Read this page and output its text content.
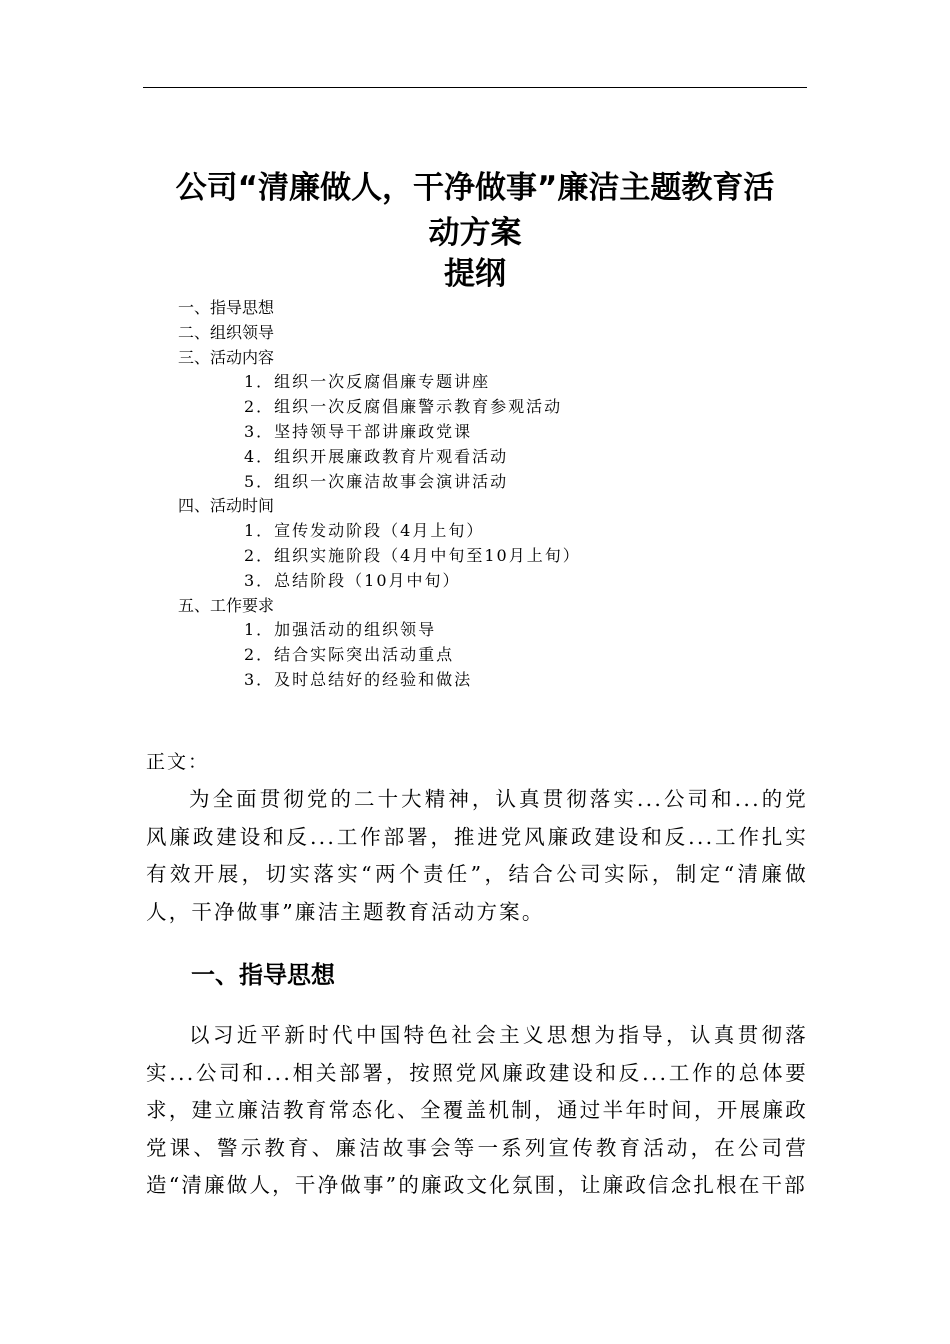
公司“清廉做人，干净做事”廉洁主题教育活
动方案
提纲
一、指导思想
二、组织领导
三、活动内容
1．组织一次反腐倡廉专题讲座
2．组织一次反腐倡廉警示教育参观活动
3．坚持领导干部讲廉政党课
4．组织开展廉政教育片观看活动
5．组织一次廉洁故事会演讲活动
四、活动时间
1．宣传发动阶段（4月上旬）
2．组织实施阶段（4月中旬至10月上旬）
3．总结阶段（10月中旬）
五、工作要求
1．加强活动的组织领导
2．结合实际突出活动重点
3．及时总结好的经验和做法
正文：

为全面贯彻党的二十大精神，认真贯彻落实...公司和...的党风廉政建设和反...工作部署，推进党风廉政建设和反...工作扎实有效开展，切实落实“两个责任”，结合公司实际，制定“清廉做人，干净做事”廉洁主题教育活动方案。

一、指导思想

以习近平新时代中国特色社会主义思想为指导，认真贯彻落实...公司和...相关部署，按照党风廉政建设和反...工作的总体要求，建立廉洁教育常态化、全覆盖机制，通过半年时间，开展廉政党课、警示教育、廉洁故事会等一系列宣传教育活动，在公司营造“清廉做人，干净做事”的廉政文化氛围，让廉政信念扎根在干部
